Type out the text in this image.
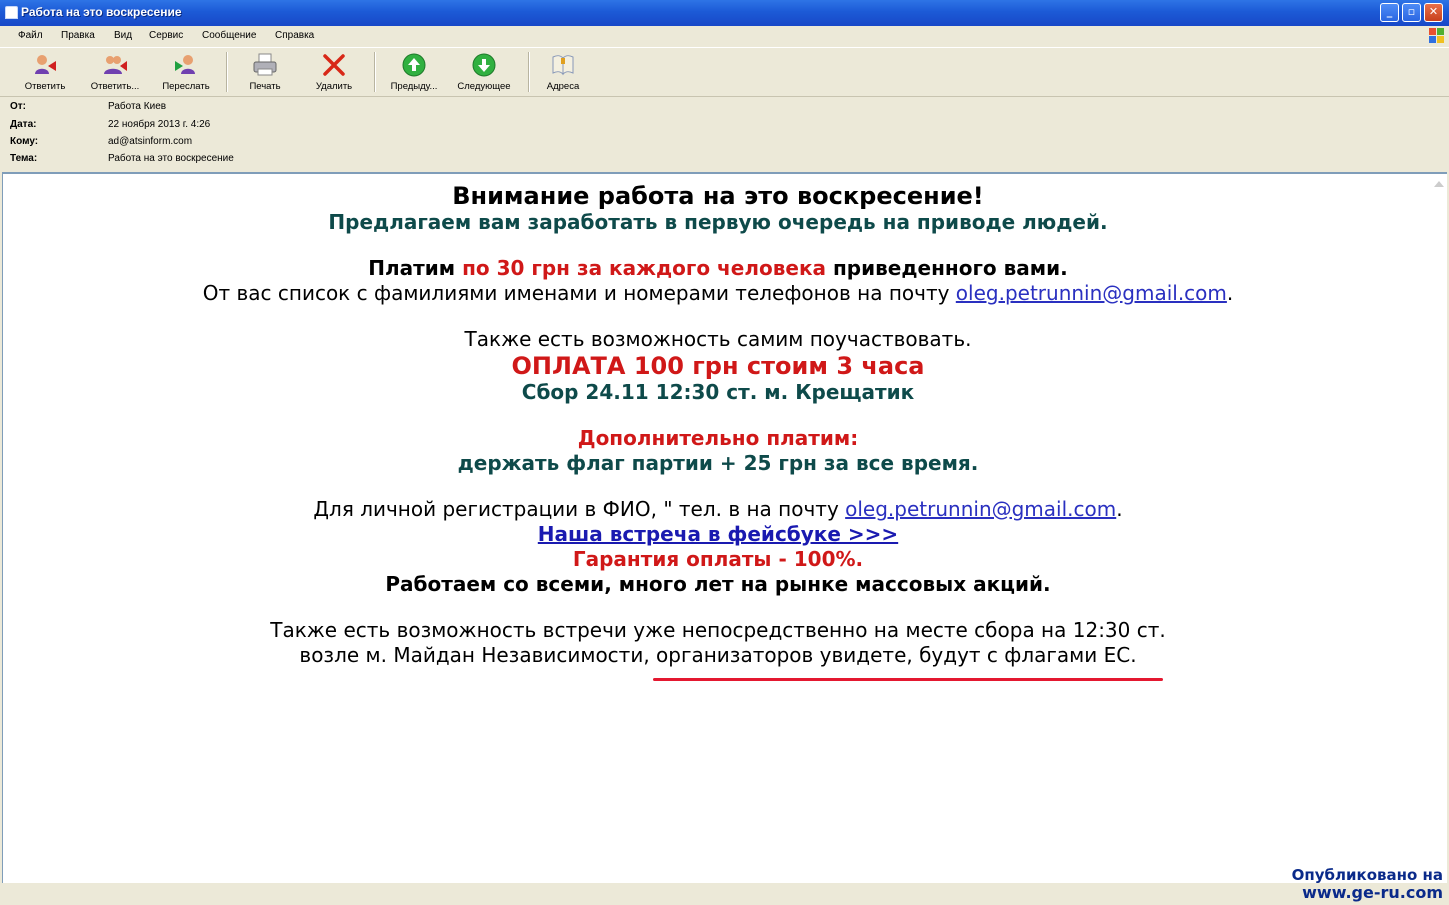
Работа на это воскресение	_	▫	✕
Файл Правка Вид Сервис Сообщение Справка
Ответить	Ответить...	Переслать	Печать	Удалить	Предыду...	Следующее	Адреса
От:	Работа Киев
Дата:	22 ноября 2013 г. 4:26
Кому:	ad@atsinform.com
Тема:	Работа на это воскресение

Внимание работа на это воскресение!

Предлагаем вам заработать в первую очередь на приводе людей.

Платим по 30 грн за каждого человека приведенного вами.

От вас список с фамилиями именами и номерами телефонов на почту oleg.petrunnin@gmail.com.

Также есть возможность самим поучаствовать.

ОПЛАТА 100 грн стоим 3 часа

Сбор 24.11 12:30 ст. м. Крещатик

Дополнительно платим:

держать флаг партии + 25 грн за все время.

Для личной регистрации в ФИО, " тел. в на почту oleg.petrunnin@gmail.com.

Наша встреча в фейсбуке >>>

Гарантия оплаты - 100%.

Работаем со всеми, много лет на рынке массовых акций.

Также есть возможность встречи уже непосредственно на месте сбора на 12:30 ст.

возле м. Майдан Независимости, организаторов увидете, будут с флагами ЕС.

Опубликовано на
www.ge-ru.com
